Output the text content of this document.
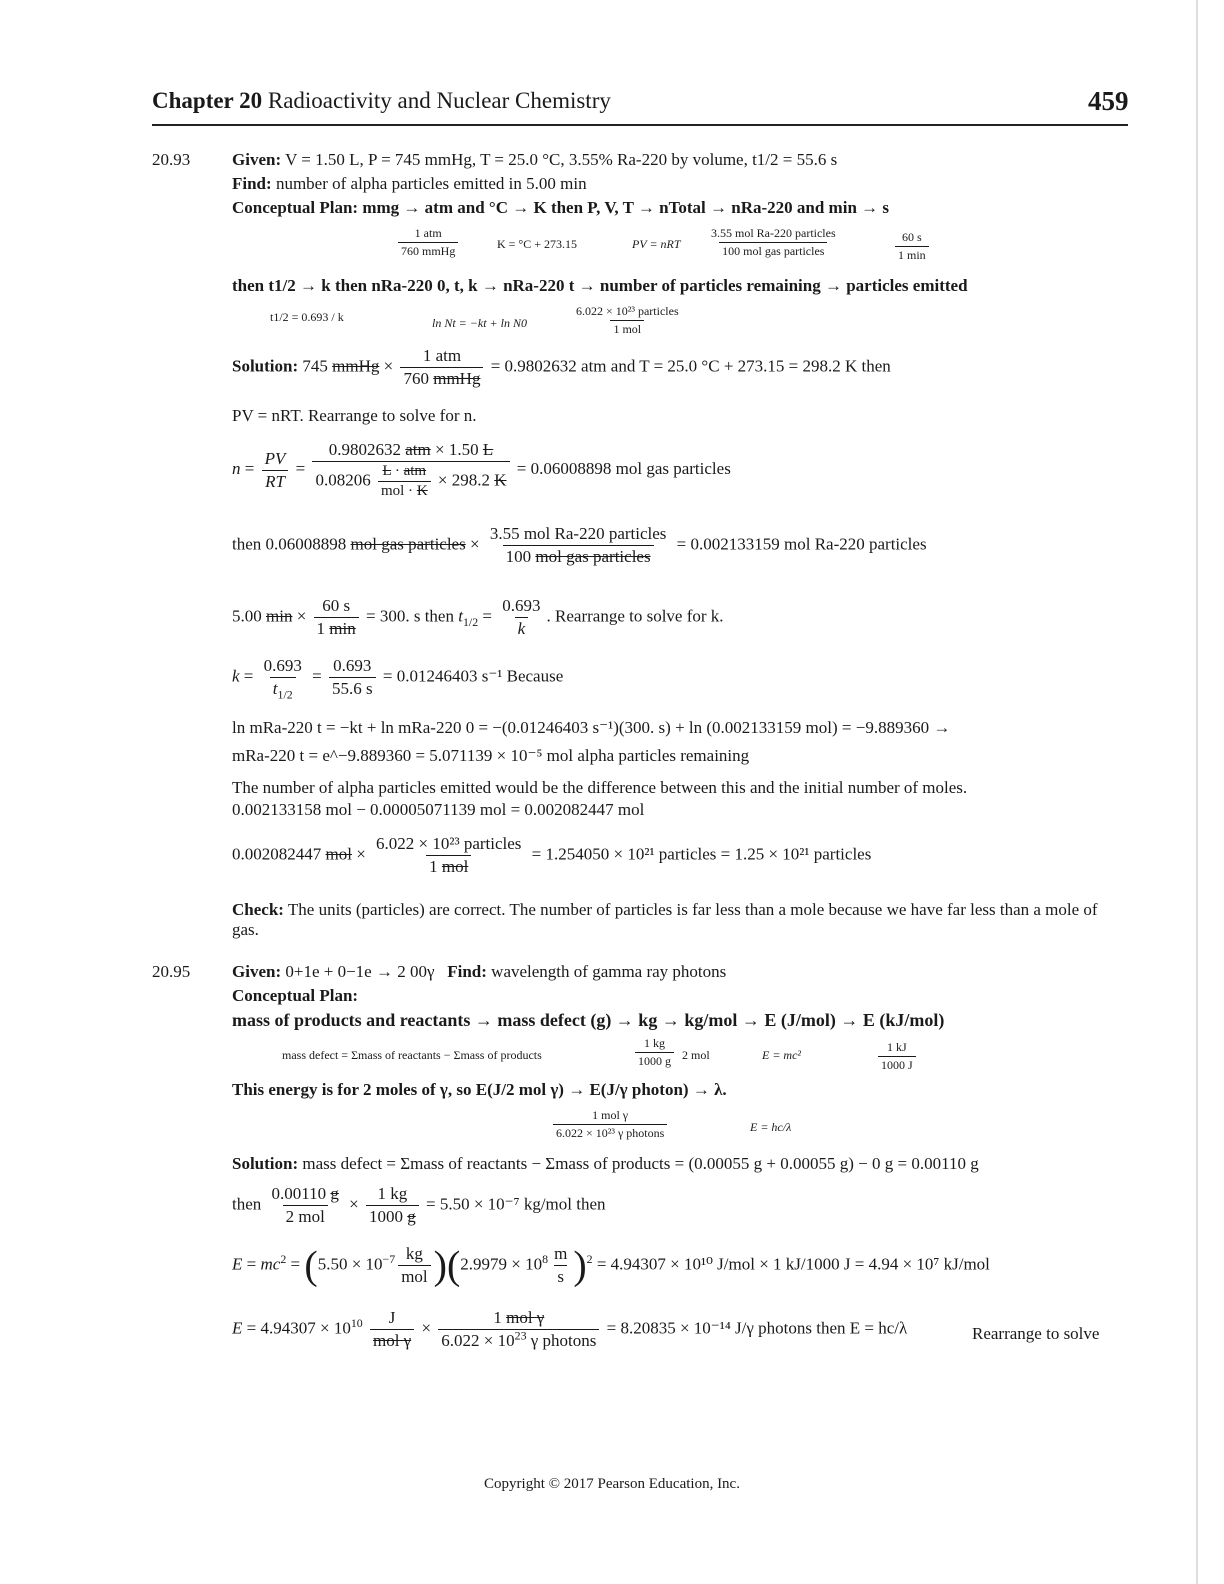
Chapter 20 Radioactivity and Nuclear Chemistry	459
20.93 Given: V = 1.50 L, P = 745 mmHg, T = 25.0 °C, 3.55% Ra-220 by volume, t1/2 = 55.6 s
Find: number of alpha particles emitted in 5.00 min
Conceptual Plan: mmg → atm and °C → K then P, V, T → nTotal → nRa-220 and min → s
$\frac{\text{1 atm}}{\text{760 mmHg}}$	K = °C + 273.15	PV = nRT $\frac{\text{3.55 mol Ra-220 particles}}{\text{100 mol gas particles}}$	$\frac{60 s}{1 \min}$
then t1/2 → k then nRa-220 0, t, k → nRa-220 t → number of particles remaining → particles emitted
t1/2 = 0.693 / k	ln Nt = −kt + ln N0	$\frac{\text{6.022 × 10²³ particles}}{\text{1 mol}}$
Solution: 745 mmHg × $\frac{\text{1 atm}}{\text{760 mmHg}} = 0.9802632$ atm and T = 25.0 °C + 273.15 = 298.2 K then
PV = nRT. Rearrange to solve for n.
$n = \frac{PV}{RT} = \frac{\text{0.9802632 atm × 1.50 L}}{0.08206 \frac{\text{L · atm}}{\text{mol · K}} \times 298.2 K} = 0.06008898$ mol gas particles
then 0.06008898 mol gas particles × $\frac{\text{3.55 mol Ra-220 particles}}{\text{100 mol gas particles}} = 0.002133159$ mol Ra-220 particles
5.00 $\min \times \frac{60 s}{1 \min} = 300$. s then $t_{1/2} = \frac{0.693}{k}$ . Rearrange to solve for k.
$k = \frac{0.693}{t_{1/2}} = \frac{0.693}{55.6 s} = 0.01246403$ s⁻¹ Because
ln mRa-220 t = −kt + ln mRa-220 0 = −(0.01246403 s⁻¹)(300. s) + ln (0.002133159 mol) = −9.889360 →
mRa-220 t = e^−9.889360 = 5.071139 × 10⁻⁵ mol alpha particles remaining
The number of alpha particles emitted would be the difference between this and the initial number of moles.
0.002133158 mol − 0.00005071139 mol = 0.002082447 mol
0.002082447 mol × $\frac{\text{6.022 × 10²³ particles}}{\text{1 mol}} = 1.254050 \times 10^{21}$ particles = 1.25 × 10²¹ particles
Check: The units (particles) are correct. The number of particles is far less than a mole because we have far less than a mole of gas.
20.95 Given: 0+1e + 0−1e → 2 00γ Find: wavelength of gamma ray photons
Conceptual Plan:
mass of products and reactants → mass defect (g) → kg → kg/mol → E (J/mol) → E (kJ/mol)
mass defect = Σmass of reactants − Σmass of products	$\frac{1 kg}{1000 g} 2$ mol	E = mc²	$\frac{1 kJ}{1000 J}$
This energy is for 2 moles of γ, so E(J/2 mol γ) → E(J/γ photon) → λ.
$\frac{\text{1 mol γ}}{\text{6.022 × 10²³ γ photons}}$	E = hc/λ
Solution: mass defect = Σmass of reactants − Σmass of products = (0.00055 g + 0.00055 g) − 0 g = 0.00110 g
then $\frac{0.00110 g}{\text{2 mol}} \times \frac{1 kg}{1000 g} = 5.50 \times 10^{-7}$ kg/mol then
$E = mc^2 = (5.50 \times 10^{-7} \frac{kg}{\text{mol}} )(2.9979 \times 10^8 \frac{m}{s} )^2 = 4.94307 \times 10^{10}$ J/mol × 1 kJ/1000 J = 4.94 × 10⁷ kJ/mol
$E = 4.94307 \times 10^{10} \frac{J}{\text{mol γ}} \times \frac{\text{1 mol γ}}{6.022 \times 10^{23} \gamma photons} = 8.20835 \times 10^{-14}$ J/γ photons then E = hc/λ	Rearrange to solve
Copyright © 2017 Pearson Education, Inc.
